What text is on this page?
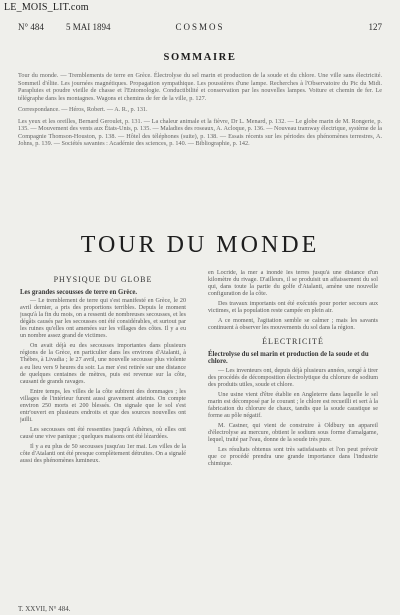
LE_MOIS_LIT.com
N° 484 5 MAI 1894	COSMOS	127
SOMMAIRE

Tour du monde. — Tremblements de terre en Grèce. Électrolyse du sel marin et production de la soude et du chlore. Une ville sans électricité. Sommeil d'élite. Les journées magnétiques. Propagation sympathique. Les poussières d'une lampe. Recherches à l'Observatoire du Pic du Midi. Parapluies et poudre vieille de chasse et l'Entomologie. Conductibilité et conservation par les nouvelles lampes. Voiture et chemin de fer. Le télégraphe dans les montagnes. Wagons et chemins de fer de la ville, p. 127.

Correspondance. — Héros, Robert. — A. R., p. 131.

Les yeux et les oreilles, Bernard Geroulet, p. 131. — La chaleur animale et la fièvre, Dr L. Menard, p. 132. — Le globe marin de M. Rongerie, p. 135. — Mouvement des vents aux États-Unis, p. 135. — Maladies des roseaux, A. Acloque, p. 136. — Nouveau tramway électrique, système de la Compagnie Thomson-Houston, p. 138. — Hôtel des téléphones (suite), p. 138. — Essais récents sur les périodes des phénomènes terrestres, A. Johns, p. 139. — Sociétés savantes : Académie des sciences, p. 140. — Bibliographie, p. 142.

TOUR DU MONDE
PHYSIQUE DU GLOBE
Les grandes secousses de terre en Grèce.

— Le tremblement de terre qui s'est manifesté en Grèce, le 20 avril dernier, a pris des proportions terribles. Depuis le moment jusqu'à la fin du mois, on a ressenti de nombreuses secousses, et les dégâts causés par les secousses ont été considérables, et surtout par les ruines qu'elles ont amenées sur les villages des côtes. Il y a eu un nombre assez grand de victimes.

On avait déjà eu des secousses importantes dans plusieurs régions de la Grèce, en particulier dans les environs d'Atalanti, à Thèbes, à Livadia ; le 27 avril, une nouvelle secousse plus violente a eu lieu vers 9 heures du soir. La mer s'est retirée sur une distance de quelques centaines de mètres, puis est revenue sur la côte, causant de grands ravages.

Entre temps, les villes de la côte subirent des dommages ; les villages de l'intérieur furent aussi gravement atteints. On compte environ 250 morts et 200 blessés. On signale que le sol s'est entr'ouvert en plusieurs endroits et que des sources nouvelles ont jailli.

Les secousses ont été ressenties jusqu'à Athènes, où elles ont causé une vive panique ; quelques maisons ont été lézardées.

Il y a eu plus de 50 secousses jusqu'au 1er mai. Les villes de la côte d'Atalanti ont été presque complètement détruites. On a signalé aussi des phénomènes lumineux.

en Locride, la mer a inondé les terres jusqu'à une distance d'un kilomètre du rivage. D'ailleurs, il se produisit un affaissement du sol qui, dans toute la partie du golfe d'Atalanti, amène une nouvelle configuration de la côte.

Des travaux importants ont été exécutés pour porter secours aux victimes, et la population reste campée en plein air.

A ce moment, l'agitation semble se calmer ; mais les savants continuent à observer les mouvements du sol dans la région.

ÉLECTRICITÉ
Électrolyse du sel marin et production de la soude et du chlore.

— Les inventeurs ont, depuis déjà plusieurs années, songé à tirer des procédés de décomposition électrolytique du chlorure de sodium des produits utiles, soude et chlore.

Une usine vient d'être établie en Angleterre dans laquelle le sel marin est décomposé par le courant ; le chlore est recueilli et sert à la fabrication du chlorure de chaux, tandis que la soude caustique se forme au pôle négatif.

M. Castner, qui vient de construire à Oldbury un appareil d'électrolyse au mercure, obtient le sodium sous forme d'amalgame, lequel, traité par l'eau, donne de la soude très pure.

Les résultats obtenus sont très satisfaisants et l'on peut prévoir que ce procédé prendra une grande importance dans l'industrie chimique.

T. XXVII, N° 484.
